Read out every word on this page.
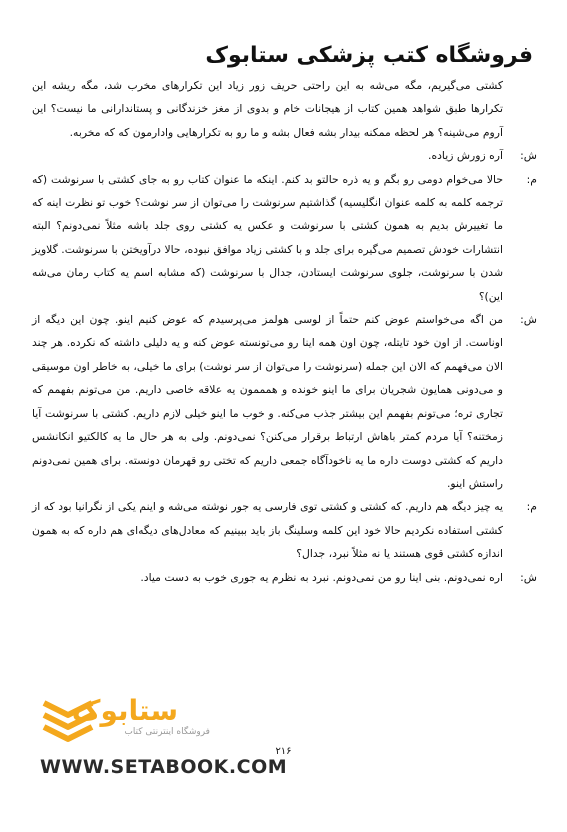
فروشگاه کتب پزشکی ستابوک
کشتی می‌گیریم، مگه می‌شه به این راحتی حریف زور زیاد این تکرارهای مخرب شد، مگه ریشه این تکرارها طبق شواهد همین کتاب از هیجانات خام و بدوی از مغز خزندگانی و پستاندارانی ما نیست؟ این آروم می‌شینه؟ هر لحظه ممکنه بیدار بشه فعال بشه و ما رو به تکرارهایی وادارمون که که مخربه.
ش:
آره زورش زیاده.
م:
حالا می‌خوام دومی رو بگم و یه ذره حالتو بد کنم. اینکه ما عنوان کتاب رو به جای کشتی با سرنوشت (که ترجمه کلمه به کلمه عنوان انگلیسیه) گذاشتیم سرنوشت را می‌توان از سر نوشت؟ خوب تو نظرت اینه که ما تغییرش بدیم به همون کشتی با سرنوشت و عکس یه کشتی روی جلد باشه مثلاً نمی‌دونم؟ البته انتشارات خودش تصمیم می‌گیره برای جلد و با کشتی زیاد موافق نبوده، حالا درآویختن با سرنوشت. گلاویز شدن با سرنوشت، جلوی سرنوشت ایستادن، جدال با سرنوشت (که مشابه اسم یه کتاب رمان می‌شه این)؟
ش:
من اگه می‌خواستم عوض کنم حتماً از لوسی هولمز می‌پرسیدم که عوض کنیم اینو. چون این دیگه از اوناست. از اون خود تایتله، چون اون همه اینا رو می‌تونسته عوض کنه و یه دلیلی داشته که نکرده. هر چند الان می‌فهمم که الان این جمله (سرنوشت را می‌توان از سر نوشت) برای ما خیلی، به خاطر اون موسیقی و می‌دونی همایون شجریان برای ما اینو خونده و همممون یه علاقه خاصی داریم. من می‌تونم بفهمم که تجاری تره؛ می‌تونم بفهمم این بیشتر جذب می‌کنه. و خوب ما اینو خیلی لازم داریم. کشتی با سرنوشت آیا زمختنه؟ آیا مردم کمتر باهاش ارتباط برقرار می‌کنن؟ نمی‌دونم. ولی به هر حال ما یه کالکتیو انکانشس داریم که کشتی دوست داره ما یه ناخودآگاه جمعی داریم که تختی رو قهرمان دونسته. برای همین نمی‌دونم راستش اینو.
م:
یه چیز دیگه هم داریم. که کشتی و کشتی توی فارسی یه جور نوشته می‌شه و اینم یکی از نگرانیا بود که از کشتی استفاده نکردیم حالا خود این کلمه وسلینگ باز باید ببینیم که معادل‌های دیگه‌ای هم داره که به همون اندازه کشتی قوی هستند یا نه مثلاً نبرد، جدال؟
ش:
اره نمی‌دونم. بنی اینا رو من نمی‌دونم. نبرد به نظرم یه جوری خوب به دست میاد.
ستابوک
فروشگاه اینترنتی کتاب
۲۱۶
WWW.SETABOOK.COM
